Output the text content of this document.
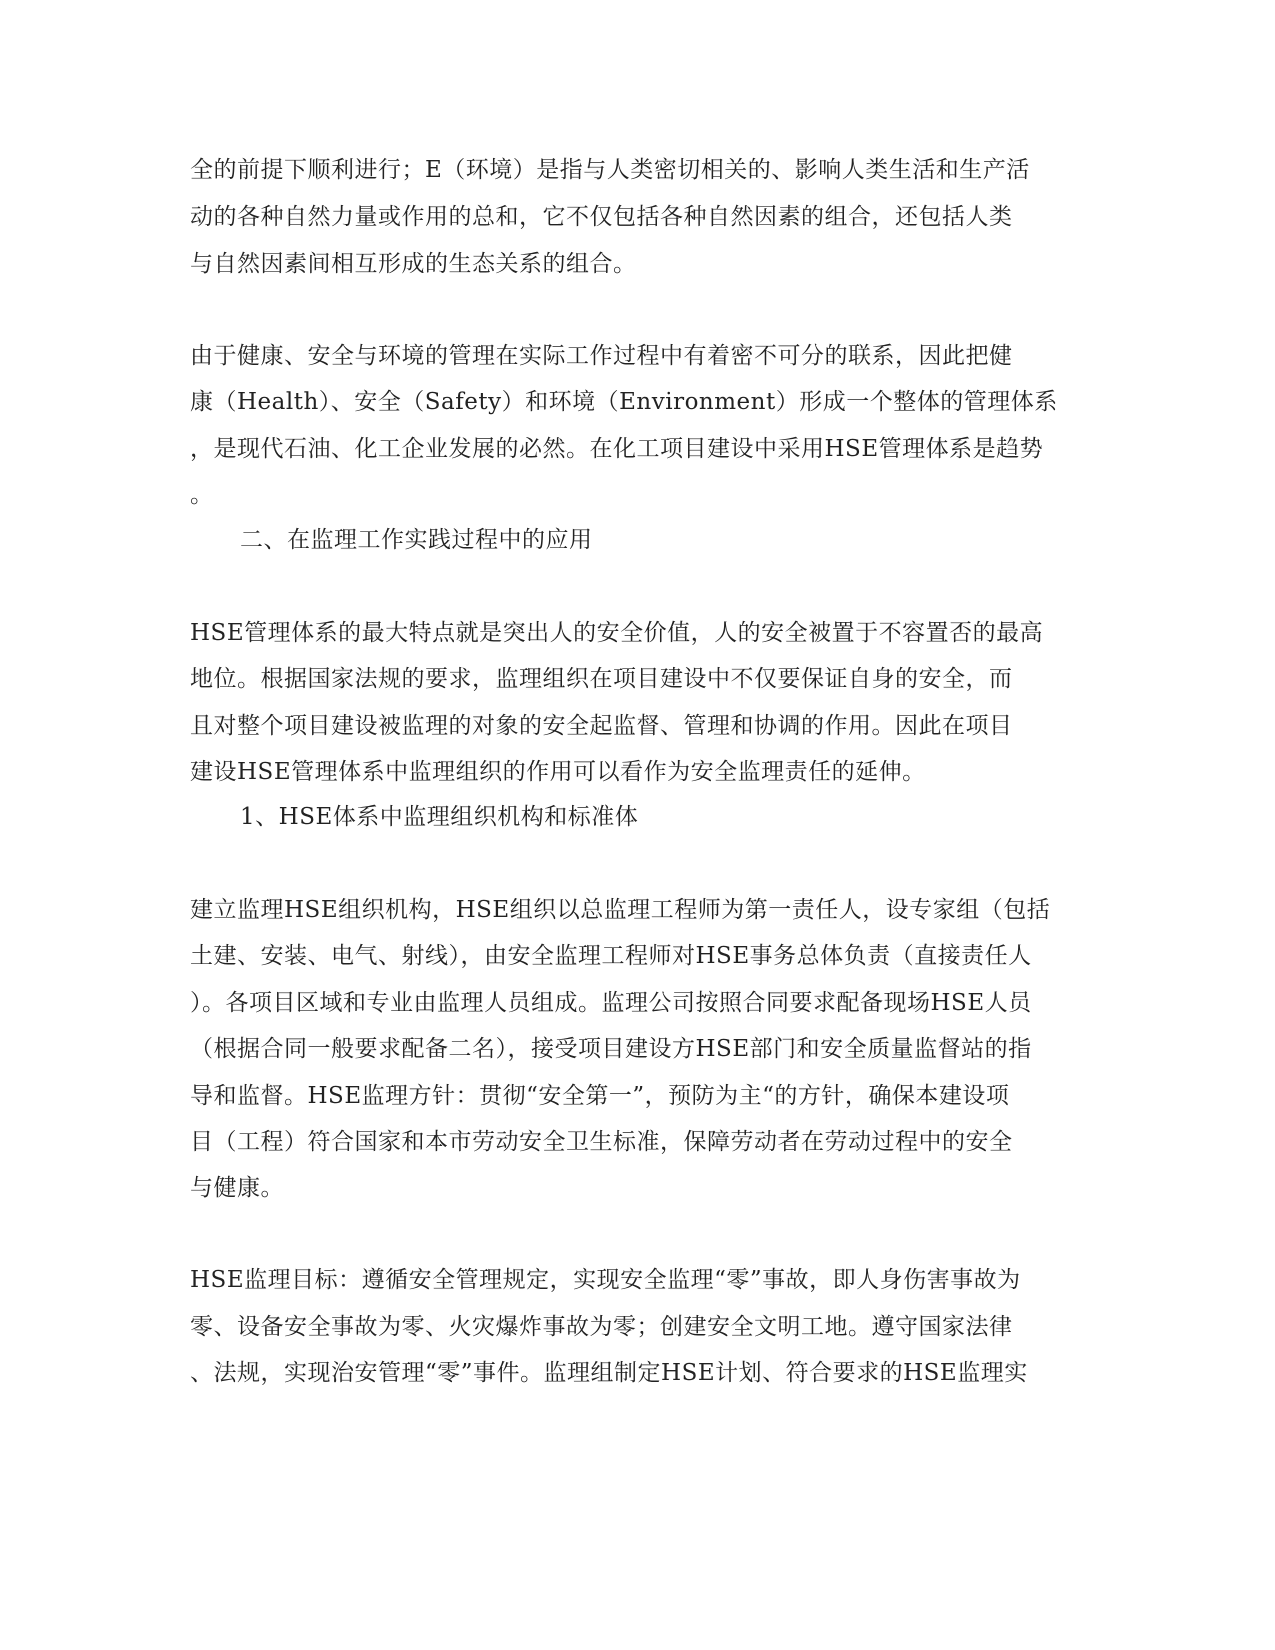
全的前提下顺利进行；E（环境）是指与人类密切相关的、影响人类生活和生产活
动的各种自然力量或作用的总和，它不仅包括各种自然因素的组合，还包括人类
与自然因素间相互形成的生态关系的组合。
由于健康、安全与环境的管理在实际工作过程中有着密不可分的联系，因此把健
康（Health）、安全（Safety）和环境（Environment）形成一个整体的管理体系
，是现代石油、化工企业发展的必然。在化工项目建设中采用HSE管理体系是趋势
。
二、在监理工作实践过程中的应用
HSE管理体系的最大特点就是突出人的安全价值，人的安全被置于不容置否的最高
地位。根据国家法规的要求，监理组织在项目建设中不仅要保证自身的安全，而
且对整个项目建设被监理的对象的安全起监督、管理和协调的作用。因此在项目
建设HSE管理体系中监理组织的作用可以看作为安全监理责任的延伸。
1、HSE体系中监理组织机构和标准体
建立监理HSE组织机构，HSE组织以总监理工程师为第一责任人，设专家组（包括
土建、安装、电气、射线），由安全监理工程师对HSE事务总体负责（直接责任人
）。各项目区域和专业由监理人员组成。监理公司按照合同要求配备现场HSE人员
（根据合同一般要求配备二名），接受项目建设方HSE部门和安全质量监督站的指
导和监督。HSE监理方针：贯彻“安全第一”，预防为主“的方针，确保本建设项
目（工程）符合国家和本市劳动安全卫生标准，保障劳动者在劳动过程中的安全
与健康。
HSE监理目标：遵循安全管理规定，实现安全监理“零”事故，即人身伤害事故为
零、设备安全事故为零、火灾爆炸事故为零；创建安全文明工地。遵守国家法律
、法规，实现治安管理“零”事件。监理组制定HSE计划、符合要求的HSE监理实
